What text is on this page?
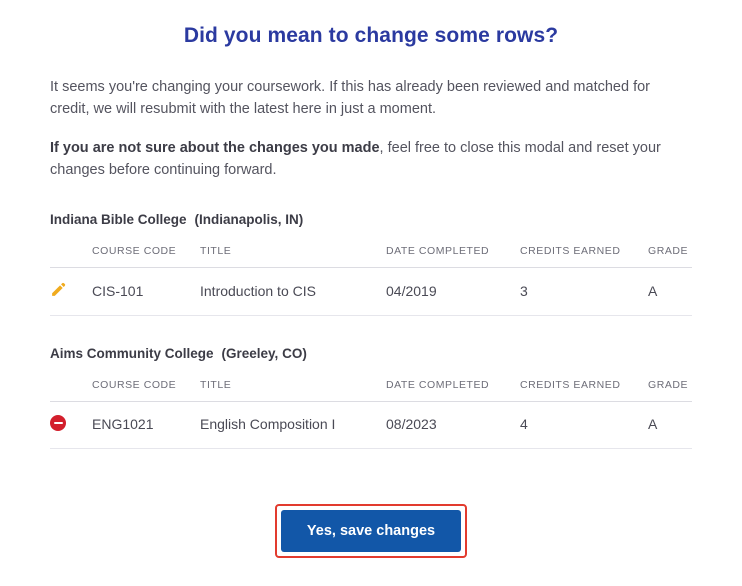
Did you mean to change some rows?

It seems you're changing your coursework. If this has already been reviewed and matched for credit, we will resubmit with the latest here in just a moment.

If you are not sure about the changes you made, feel free to close this modal and reset your changes before continuing forward.

Indiana Bible College (Indianapolis, IN)
	COURSE CODE	TITLE	DATE COMPLETED	CREDITS EARNED	GRADE

	CIS-101	Introduction to CIS	04/2019	3	A
Aims Community College (Greeley, CO)
	COURSE CODE	TITLE	DATE COMPLETED	CREDITS EARNED	GRADE
	ENG1021	English Composition I	08/2023	4	A
Yes, save changes
